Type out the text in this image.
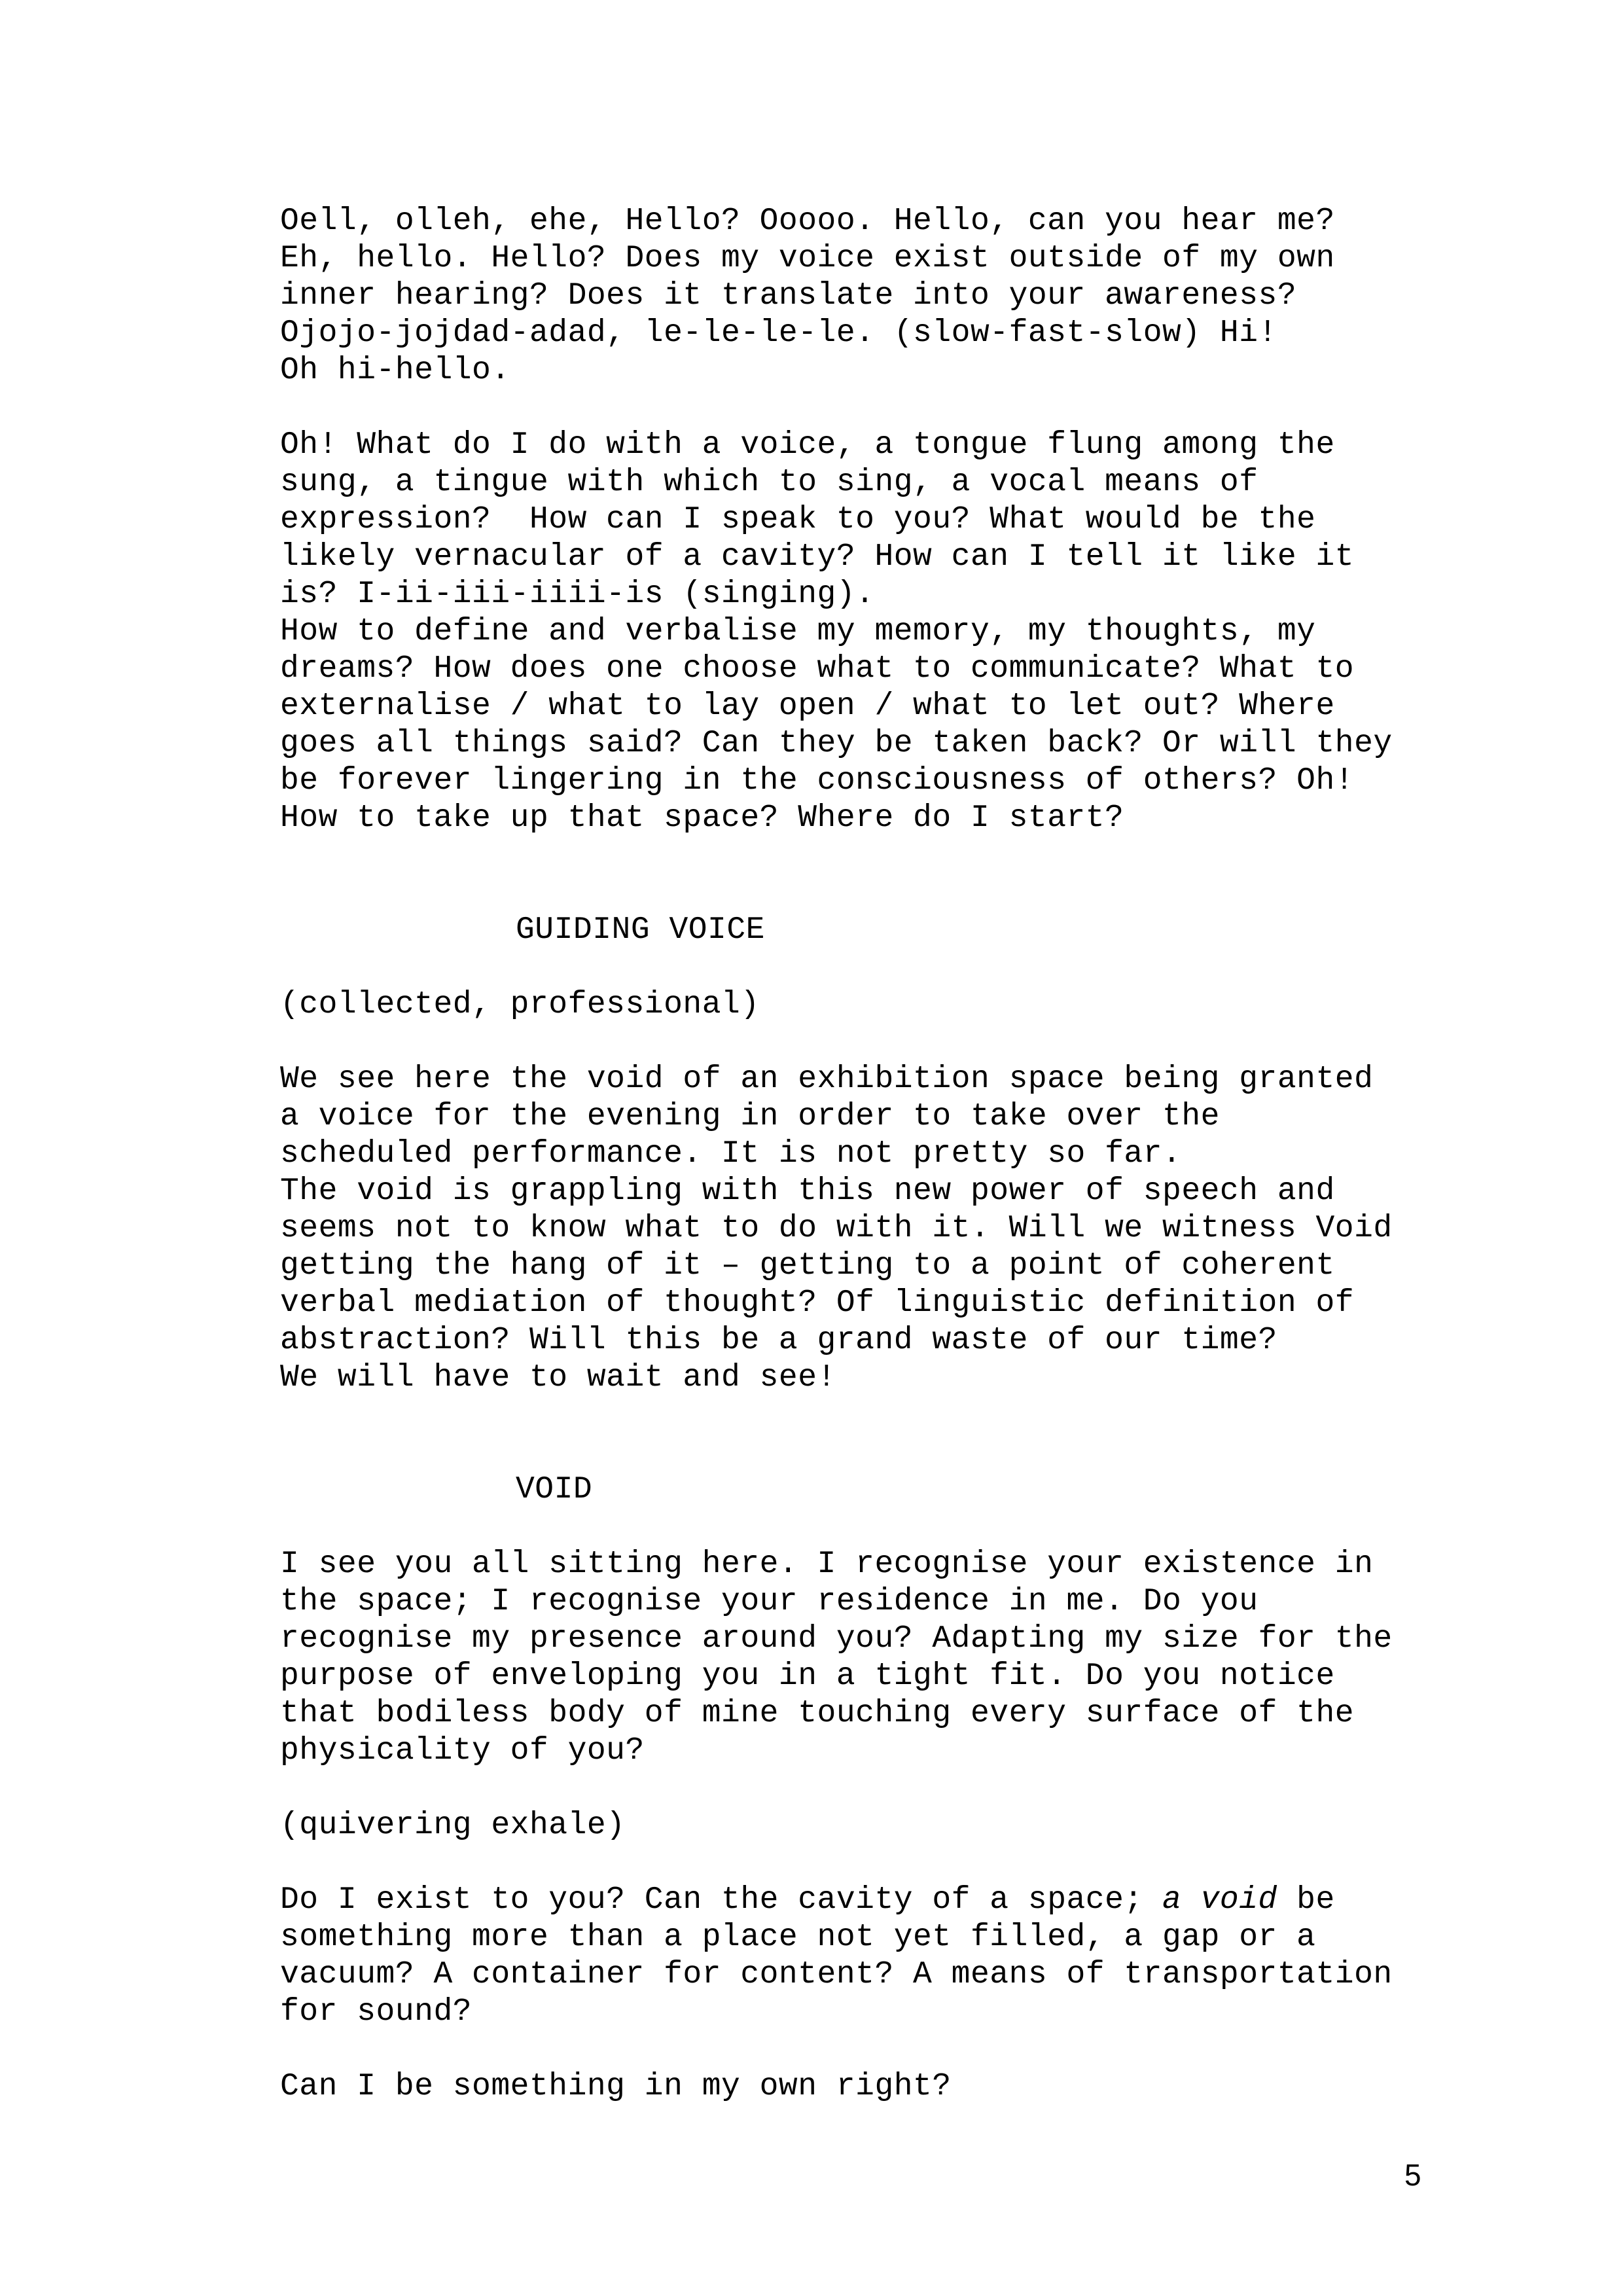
Oell, olleh, ehe, Hello? Ooooo. Hello, can you hear me?
Eh, hello. Hello? Does my voice exist outside of my own
inner hearing? Does it translate into your awareness?
Ojojo-jojdad-adad, le-le-le-le. (slow-fast-slow) Hi!
Oh hi-hello.
Oh! What do I do with a voice, a tongue flung among the
sung, a tingue with which to sing, a vocal means of
expression?  How can I speak to you? What would be the
likely vernacular of a cavity? How can I tell it like it
is? I-ii-iii-iiii-is (singing).
How to define and verbalise my memory, my thoughts, my
dreams? How does one choose what to communicate? What to
externalise / what to lay open / what to let out? Where
goes all things said? Can they be taken back? Or will they
be forever lingering in the consciousness of others? Oh!
How to take up that space? Where do I start?
GUIDING VOICE
(collected, professional)
We see here the void of an exhibition space being granted
a voice for the evening in order to take over the
scheduled performance. It is not pretty so far.
The void is grappling with this new power of speech and
seems not to know what to do with it. Will we witness Void
getting the hang of it – getting to a point of coherent
verbal mediation of thought? Of linguistic definition of
abstraction? Will this be a grand waste of our time?
We will have to wait and see!
VOID
I see you all sitting here. I recognise your existence in
the space; I recognise your residence in me. Do you
recognise my presence around you? Adapting my size for the
purpose of enveloping you in a tight fit. Do you notice
that bodiless body of mine touching every surface of the
physicality of you?
(quivering exhale)
Do I exist to you? Can the cavity of a space; a void be
something more than a place not yet filled, a gap or a
vacuum? A container for content? A means of transportation
for sound?
Can I be something in my own right?
5
